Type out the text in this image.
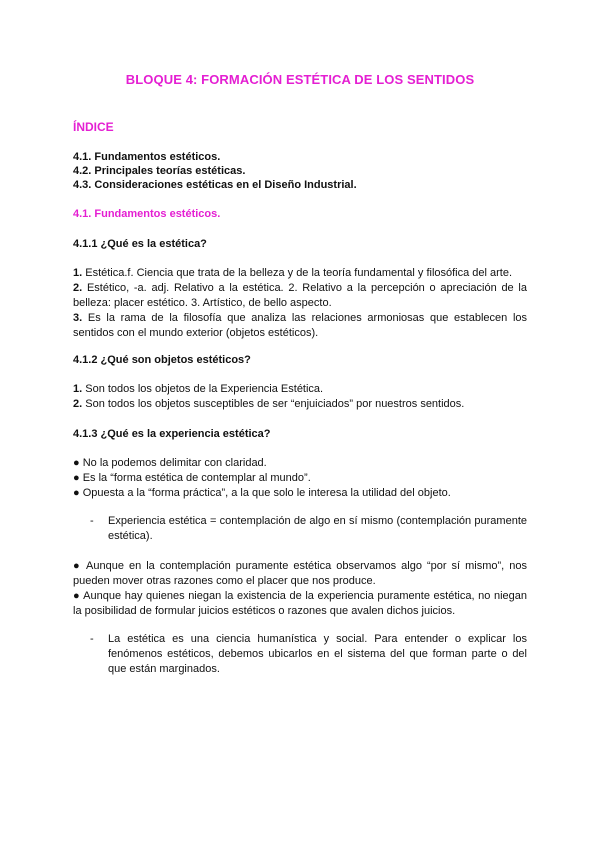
BLOQUE 4: FORMACIÓN ESTÉTICA DE LOS SENTIDOS
ÍNDICE
4.1. Fundamentos estéticos.
4.2. Principales teorías estéticas.
4.3. Consideraciones estéticas en el Diseño Industrial.
4.1. Fundamentos estéticos.
4.1.1 ¿Qué es la estética?

1. Estética.f. Ciencia que trata de la belleza y de la teoría fundamental y filosófica del arte.

2. Estético, -a. adj. Relativo a la estética. 2. Relativo a la percepción o apreciación de la belleza: placer estético. 3. Artístico, de bello aspecto.

3. Es la rama de la filosofía que analiza las relaciones armoniosas que establecen los sentidos con el mundo exterior (objetos estéticos).

4.1.2 ¿Qué son objetos estéticos?

1. Son todos los objetos de la Experiencia Estética.

2. Son todos los objetos susceptibles de ser “enjuiciados” por nuestros sentidos.

4.1.3 ¿Qué es la experiencia estética?

● No la podemos delimitar con claridad.

● Es la “forma estética de contemplar al mundo”.

● Opuesta a la “forma práctica”, a la que solo le interesa la utilidad del objeto.

-	Experiencia estética = contemplación de algo en sí mismo (contemplación puramente estética).

● Aunque en la contemplación puramente estética observamos algo “por sí mismo”, nos pueden mover otras razones como el placer que nos produce.

● Aunque hay quienes niegan la existencia de la experiencia puramente estética, no niegan la posibilidad de formular juicios estéticos o razones que avalen dichos juicios.

-	La estética es una ciencia humanística y social. Para entender o explicar los fenómenos estéticos, debemos ubicarlos en el sistema del que forman parte o del que están marginados.
